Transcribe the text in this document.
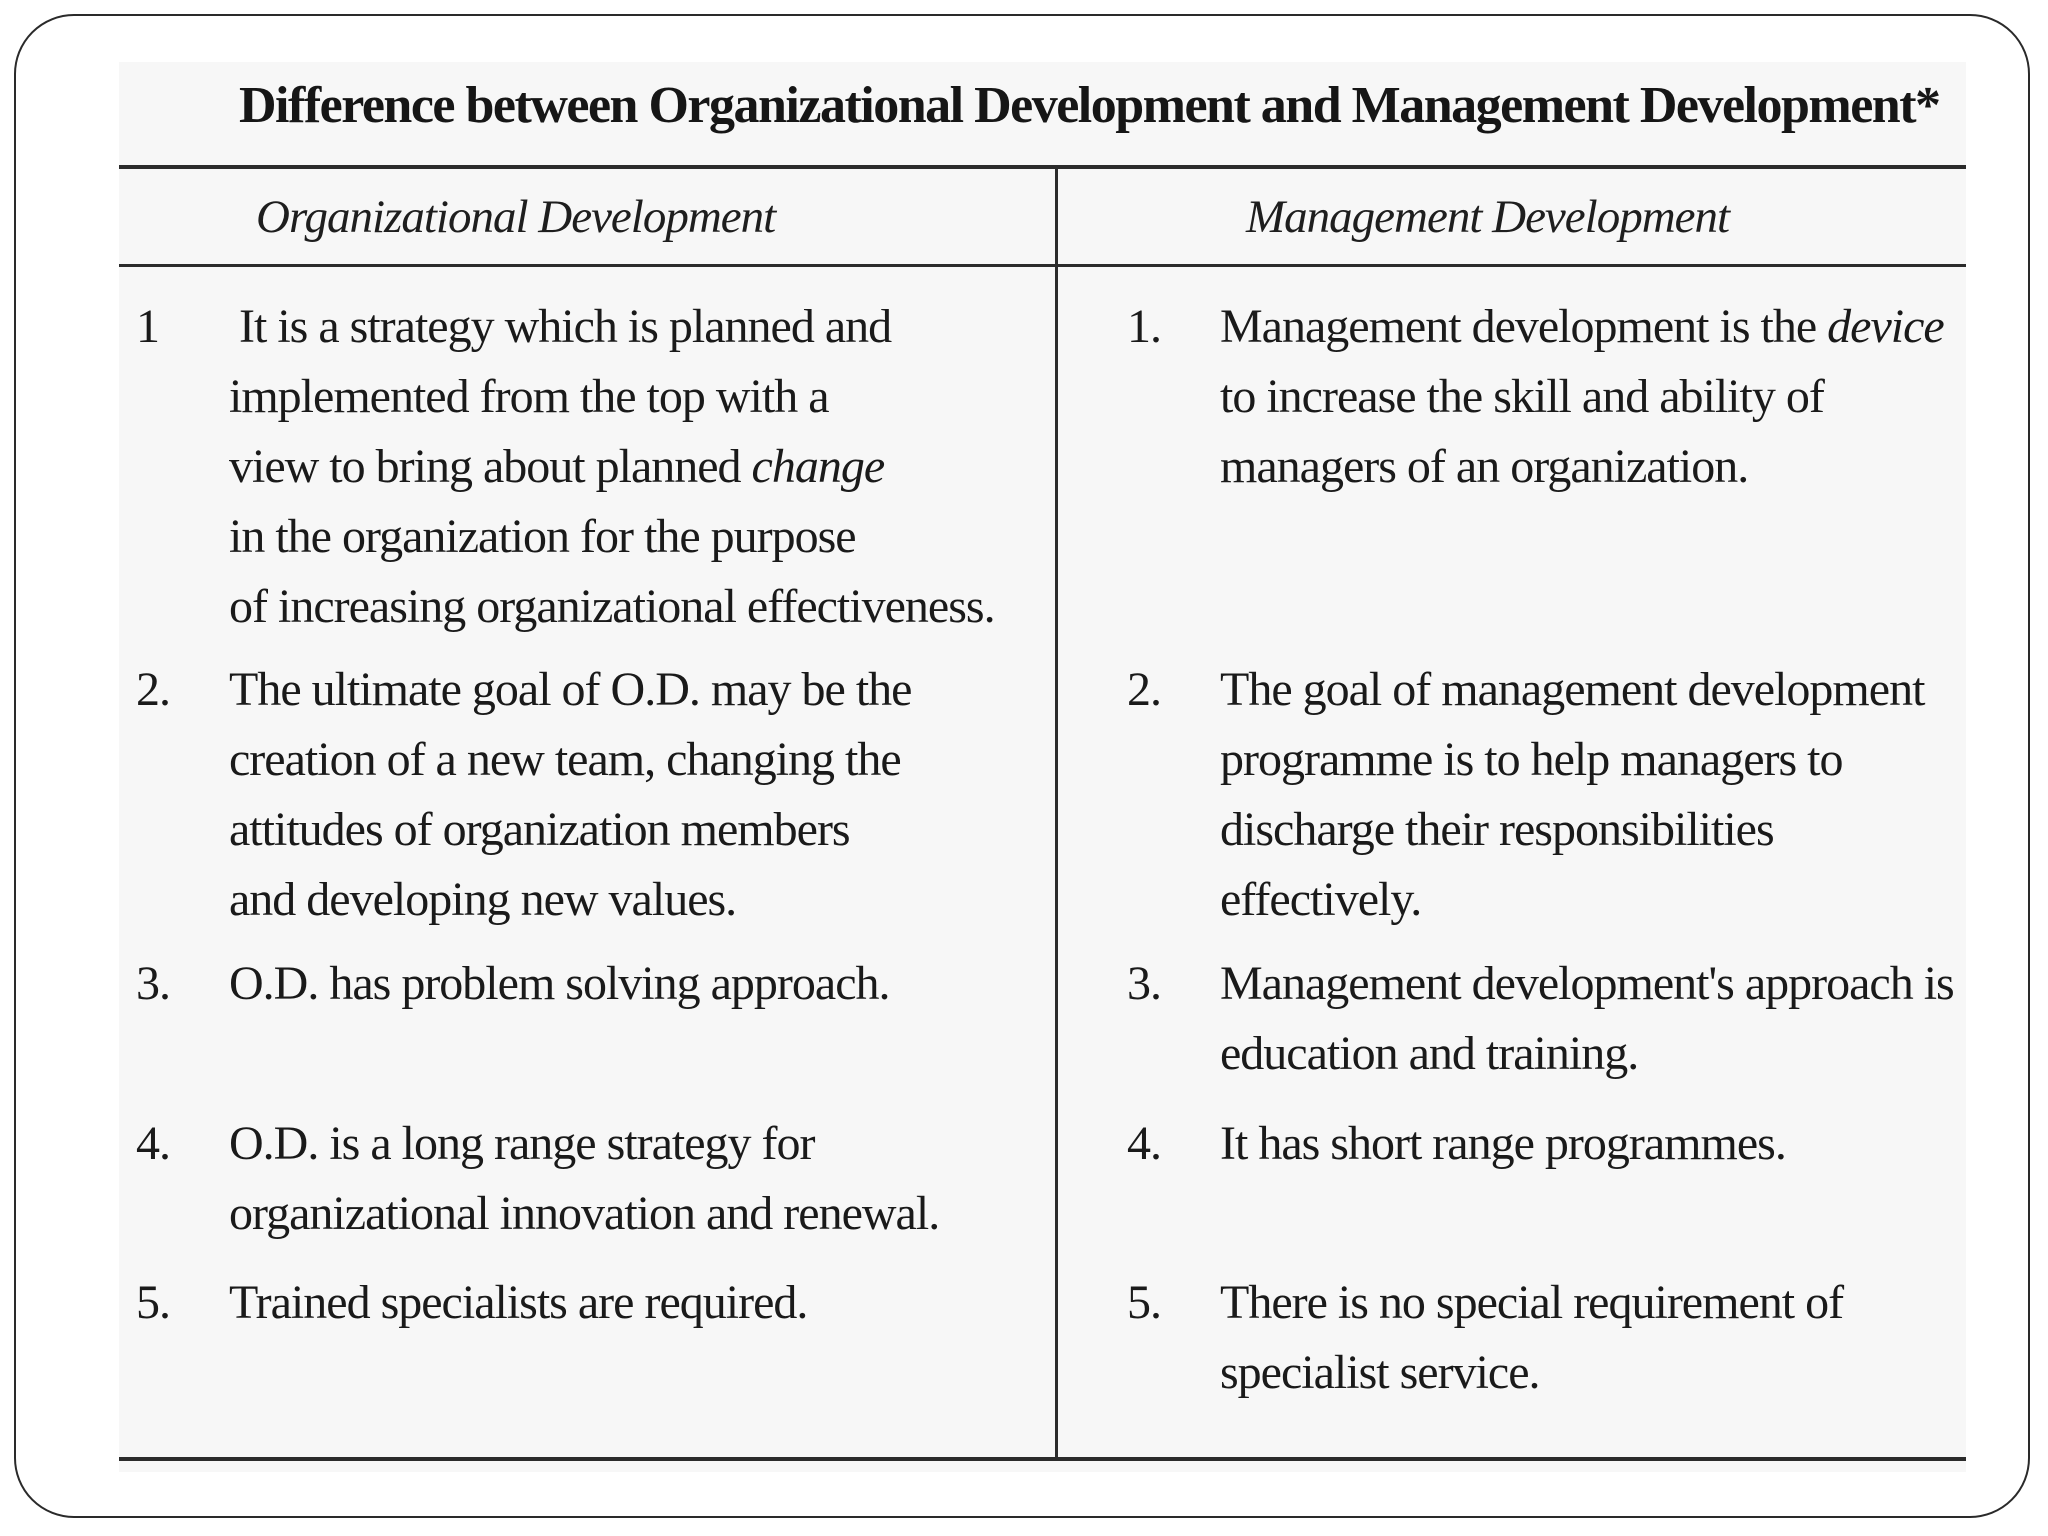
Difference between Organizational Development and Management Development*
Organizational Development	Management Development
1 It is a strategy which is planned and
implemented from the top with a
view to bring about planned change
in the organization for the purpose
of increasing organizational effectiveness.
2. The ultimate goal of O.D. may be the
creation of a new team, changing the
attitudes of organization members
and developing new values.
3. O.D. has problem solving approach.
4. O.D. is a long range strategy for
organizational innovation and renewal.
5. Trained specialists are required.
1. Management development is the device
to increase the skill and ability of
managers of an organization.
2. The goal of management development
programme is to help managers to
discharge their responsibilities
effectively.
3. Management development's approach is
education and training.
4. It has short range programmes.
5. There is no special requirement of
specialist service.
